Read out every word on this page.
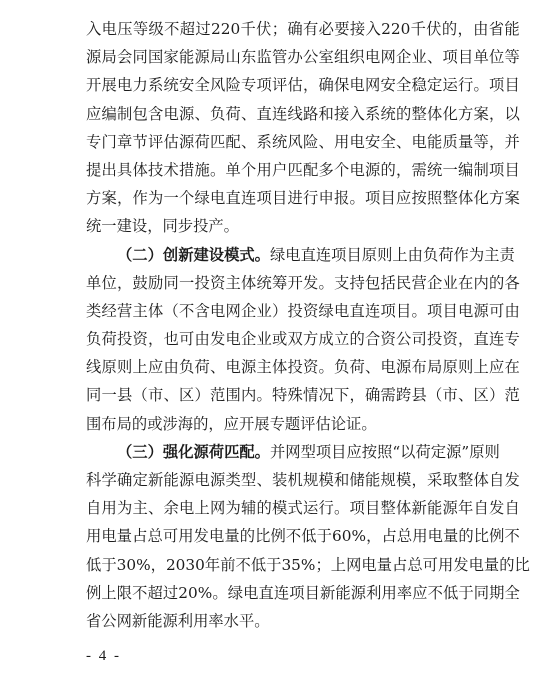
入 电 压 等 级 不 超 过 220 千 伏 ； 确 有 必 要 接 入 220 千 伏 的 ， 由 省 能
源 局 会 同 国 家 能 源 局 山 东 监 管 办 公 室 组 织 电 网 企 业 、 项 目 单 位 等
开 展 电 力 系 统 安 全 风 险 专 项 评 估 ， 确 保 电 网 安 全 稳 定 运 行 。 项 目
应 编 制 包 含 电 源 、 负 荷 、 直 连 线 路 和 接 入 系 统 的 整 体 化 方 案 ， 以
专 门 章 节 评 估 源 荷 匹 配 、 系 统 风 险 、 用 电 安 全 、 电 能 质 量 等 ， 并
提 出 具 体 技 术 措 施 。 单 个 用 户 匹 配 多 个 电 源 的 ， 需 统 一 编 制 项 目
方 案 ， 作 为 一 个 绿 电 直 连 项 目 进 行 申 报 。 项 目 应 按 照 整 体 化 方 案
统一建设，同步投产。
（二）创新建设模式。 绿电直连项目原则上由负荷作为主责
单 位 ， 鼓 励 同 一 投 资 主 体 统 筹 开 发 。 支 持 包 括 民 营 企 业 在 内 的 各
类 经 营 主 体 （ 不 含 电 网 企 业 ） 投 资 绿 电 直 连 项 目 。 项 目 电 源 可 由
负 荷 投 资 ， 也 可 由 发 电 企 业 或 双 方 成 立 的 合 资 公 司 投 资 ， 直 连 专
线 原 则 上 应 由 负 荷 、 电 源 主 体 投 资 。 负 荷 、 电 源 布 局 原 则 上 应 在
同 一 县 （ 市 、 区 ） 范 围 内 。 特 殊 情 况 下 ， 确 需 跨 县 （ 市 、 区 ） 范
围布局的或涉海的，应开展专题评估论证。
（三）强化源荷匹配。 并网型项目应按照“以荷定源”原则
科 学 确 定 新 能 源 电 源 类 型 、 装 机 规 模 和 储 能 规 模 ， 采 取 整 体 自 发
自 用 为 主 、 余 电 上 网 为 辅 的 模 式 运 行 。 项 目 整 体 新 能 源 年 自 发 自
用 电 量 占 总 可 用 发 电 量 的 比 例 不 低 于 60% ， 占 总 用 电 量 的 比 例 不
低 于 30% ， 2030 年 前 不 低 于 35% ； 上 网 电 量 占 总 可 用 发 电 量 的 比
例 上 限 不 超 过 20% 。 绿 电 直 连 项 目 新 能 源 利 用 率 应 不 低 于 同 期 全
省公网新能源利用率水平。
- 4 -
